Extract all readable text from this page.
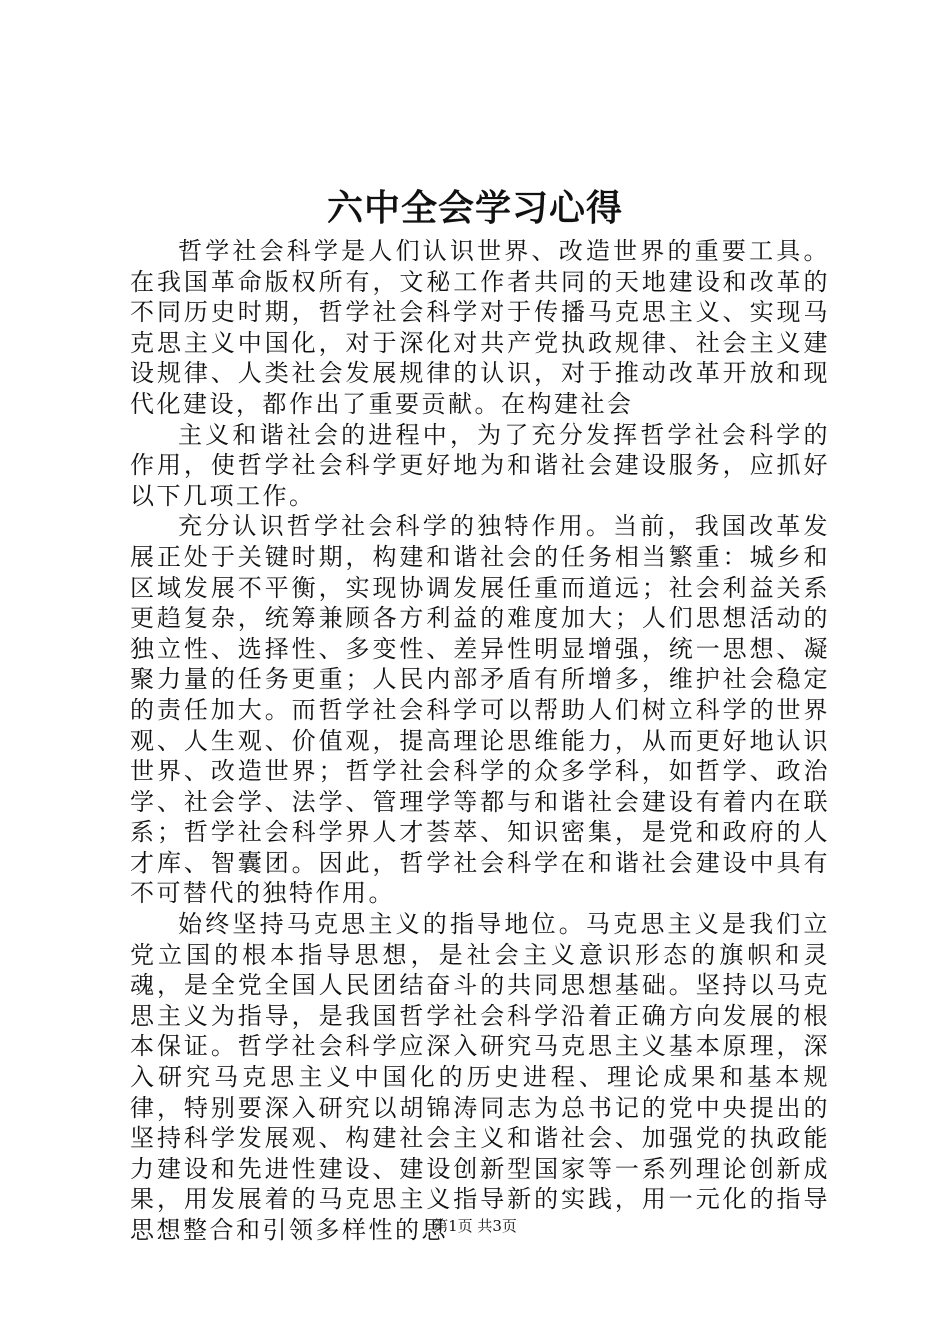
六中全会学习心得

哲学社会科学是人们认识世界、改造世界的重要工具。在我国革命版权所有，文秘工作者共同的天地建设和改革的不同历史时期，哲学社会科学对于传播马克思主义、实现马克思主义中国化，对于深化对共产党执政规律、社会主义建设规律、人类社会发展规律的认识，对于推动改革开放和现代化建设，都作出了重要贡献。在构建社会

主义和谐社会的进程中，为了充分发挥哲学社会科学的作用，使哲学社会科学更好地为和谐社会建设服务，应抓好以下几项工作。

充分认识哲学社会科学的独特作用。当前，我国改革发展正处于关键时期，构建和谐社会的任务相当繁重：城乡和区域发展不平衡，实现协调发展任重而道远；社会利益关系更趋复杂，统筹兼顾各方利益的难度加大；人们思想活动的独立性、选择性、多变性、差异性明显增强，统一思想、凝聚力量的任务更重；人民内部矛盾有所增多，维护社会稳定的责任加大。而哲学社会科学可以帮助人们树立科学的世界观、人生观、价值观，提高理论思维能力，从而更好地认识世界、改造世界；哲学社会科学的众多学科，如哲学、政治学、社会学、法学、管理学等都与和谐社会建设有着内在联系；哲学社会科学界人才荟萃、知识密集，是党和政府的人才库、智囊团。因此，哲学社会科学在和谐社会建设中具有不可替代的独特作用。

始终坚持马克思主义的指导地位。马克思主义是我们立党立国的根本指导思想，是社会主义意识形态的旗帜和灵魂，是全党全国人民团结奋斗的共同思想基础。坚持以马克思主义为指导，是我国哲学社会科学沿着正确方向发展的根本保证。哲学社会科学应深入研究马克思主义基本原理，深入研究马克思主义中国化的历史进程、理论成果和基本规律，特别要深入研究以胡锦涛同志为总书记的党中央提出的坚持科学发展观、构建社会主义和谐社会、加强党的执政能力建设和先进性建设、建设创新型国家等一系列理论创新成果，用发展着的马克思主义指导新的实践，用一元化的指导思想整合和引领多样性的思

第1页 共3页
